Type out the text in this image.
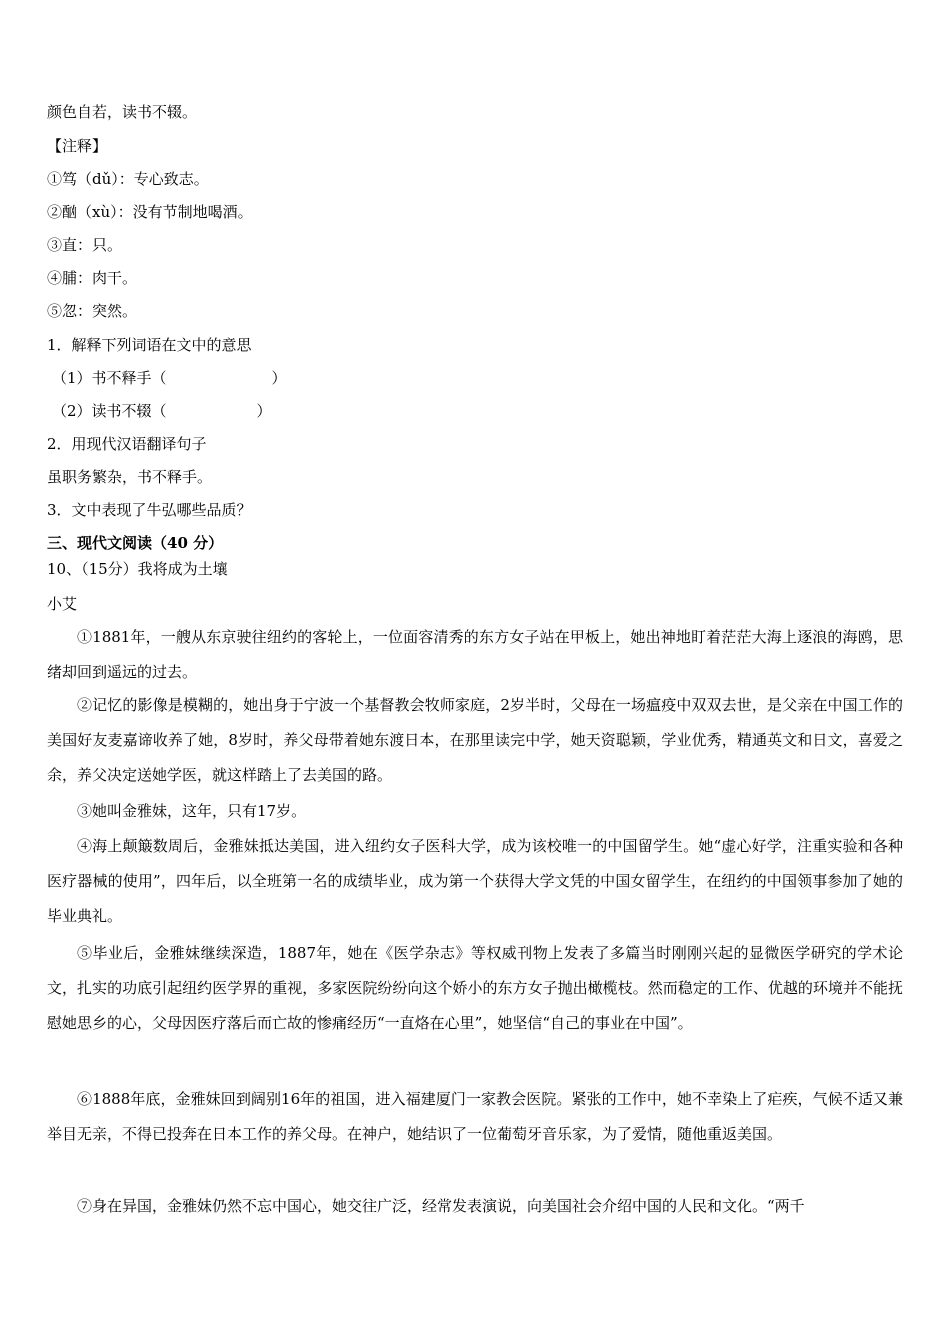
颜色自若，读书不辍。
【注释】
①笃（dǔ）：专心致志。
②酗（xù）：没有节制地喝酒。
③直：只。
④脯：肉干。
⑤忽：突然。
1．解释下列词语在文中的意思
（1）书不释手（　　　　　　　）
（2）读书不辍（　　　　　　）
2．用现代汉语翻译句子
虽职务繁杂，书不释手。
3．文中表现了牛弘哪些品质？
三、现代文阅读（40 分）
10、（15分）我将成为土壤
小艾
①1881年，一艘从东京驶往纽约的客轮上，一位面容清秀的东方女子站在甲板上，她出神地盯着茫茫大海上逐浪的海鸥，思绪却回到遥远的过去。
②记忆的影像是模糊的，她出身于宁波一个基督教会牧师家庭，2岁半时，父母在一场瘟疫中双双去世，是父亲在中国工作的美国好友麦嘉谛收养了她，8岁时，养父母带着她东渡日本，在那里读完中学，她天资聪颖，学业优秀，精通英文和日文，喜爱之余，养父决定送她学医，就这样踏上了去美国的路。
③她叫金雅妹，这年，只有17岁。
④海上颠簸数周后，金雅妹抵达美国，进入纽约女子医科大学，成为该校唯一的中国留学生。她“虚心好学，注重实验和各种医疗器械的使用”，四年后，以全班第一名的成绩毕业，成为第一个获得大学文凭的中国女留学生，在纽约的中国领事参加了她的毕业典礼。
⑤毕业后，金雅妹继续深造，1887年，她在《医学杂志》等权威刊物上发表了多篇当时刚刚兴起的显微医学研究的学术论文，扎实的功底引起纽约医学界的重视，多家医院纷纷向这个娇小的东方女子抛出橄榄枝。然而稳定的工作、优越的环境并不能抚慰她思乡的心，父母因医疗落后而亡故的惨痛经历“一直烙在心里”，她坚信“自己的事业在中国”。
⑥1888年底，金雅妹回到阔别16年的祖国，进入福建厦门一家教会医院。紧张的工作中，她不幸染上了疟疾，气候不适又兼举目无亲，不得已投奔在日本工作的养父母。在神户，她结识了一位葡萄牙音乐家，为了爱情，随他重返美国。
⑦身在异国，金雅妹仍然不忘中国心，她交往广泛，经常发表演说，向美国社会介绍中国的人民和文化。“两千
